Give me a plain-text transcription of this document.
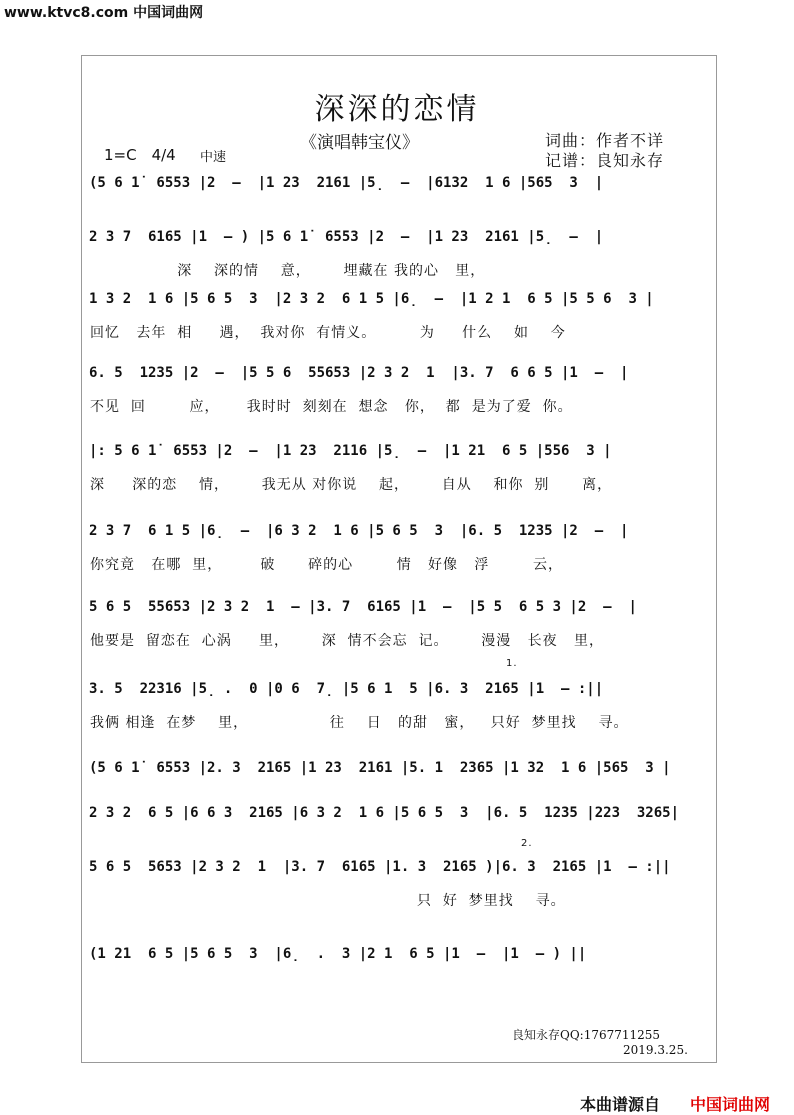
www.ktvc8.com 中国词曲网
深深的恋情
《演唱韩宝仪》	词曲：作者不详
记谱：良知永存
1=C　4/4 中速
(5 6 1̇  6553 |2  –  |1 23  2161 |5̣  –  |6132  1 6 |565  3  |
2 3 7  6165 |1  – ) |5 6 1̇  6553 |2  –  |1 23  2161 |5̣  –  |
深    深的情    意，      埋藏在 我的心   里，
1 3 2  1 6 |5 6 5  3  |2 3 2  6 1 5 |6̣  –  |1 2 1  6 5 |5 5 6  3 |
回忆   去年  相     遇，  我对你  有情义。        为     什么    如    今
6. 5  1235 |2  –  |5 5 6  55653 |2 3 2  1  |3. 7  6 6 5 |1  –  |
不见  回        应，     我时时  刻刻在  想念   你，  都  是为了爱  你。
|: 5 6 1̇  6553 |2  –  |1 23  2116 |5̣  –  |1 21  6 5 |556  3 |
深     深的恋    情，      我无从 对你说    起，      自从    和你  别      离，
2 3 7  6 1 5 |6̣  –  |6 3 2  1 6 |5 6 5  3  |6. 5  1235 |2  –  |
你究竟   在哪  里，       破      碎的心        情   好像   浮        云，
5 6 5  55653 |2 3 2  1  – |3. 7  6165 |1  –  |5 5  6 5 3 |2  –  |
他要是  留恋在  心涡     里，      深  情不会忘  记。      漫漫   长夜   里，
3. 5  22316 |5̣ .  0 |0 6  7̣ |5 6 1  5 |6. 3  2165 |1  – :||
我俩 相逢  在梦    里，               往    日   的甜   蜜，   只好  梦里找    寻。
(5 6 1̇  6553 |2. 3  2165 |1 23  2161 |5. 1  2365 |1 32  1 6 |565  3 |
2 3 2  6 5 |6 6 3  2165 |6 3 2  1 6 |5 6 5  3  |6. 5  1235 |223  3265|
5 6 5  5653 |2 3 2  1  |3. 7  6165 |1. 3  2165 )|6. 3  2165 |1  – :||
只  好  梦里找    寻。
(1 21  6 5 |5 6 5  3  |6̣  .  3 |2 1  6 5 |1  –  |1  – ) ||
1.
2.
良知永存QQ:1767711255
2019.3.25.
本曲谱源自 中国词曲网
